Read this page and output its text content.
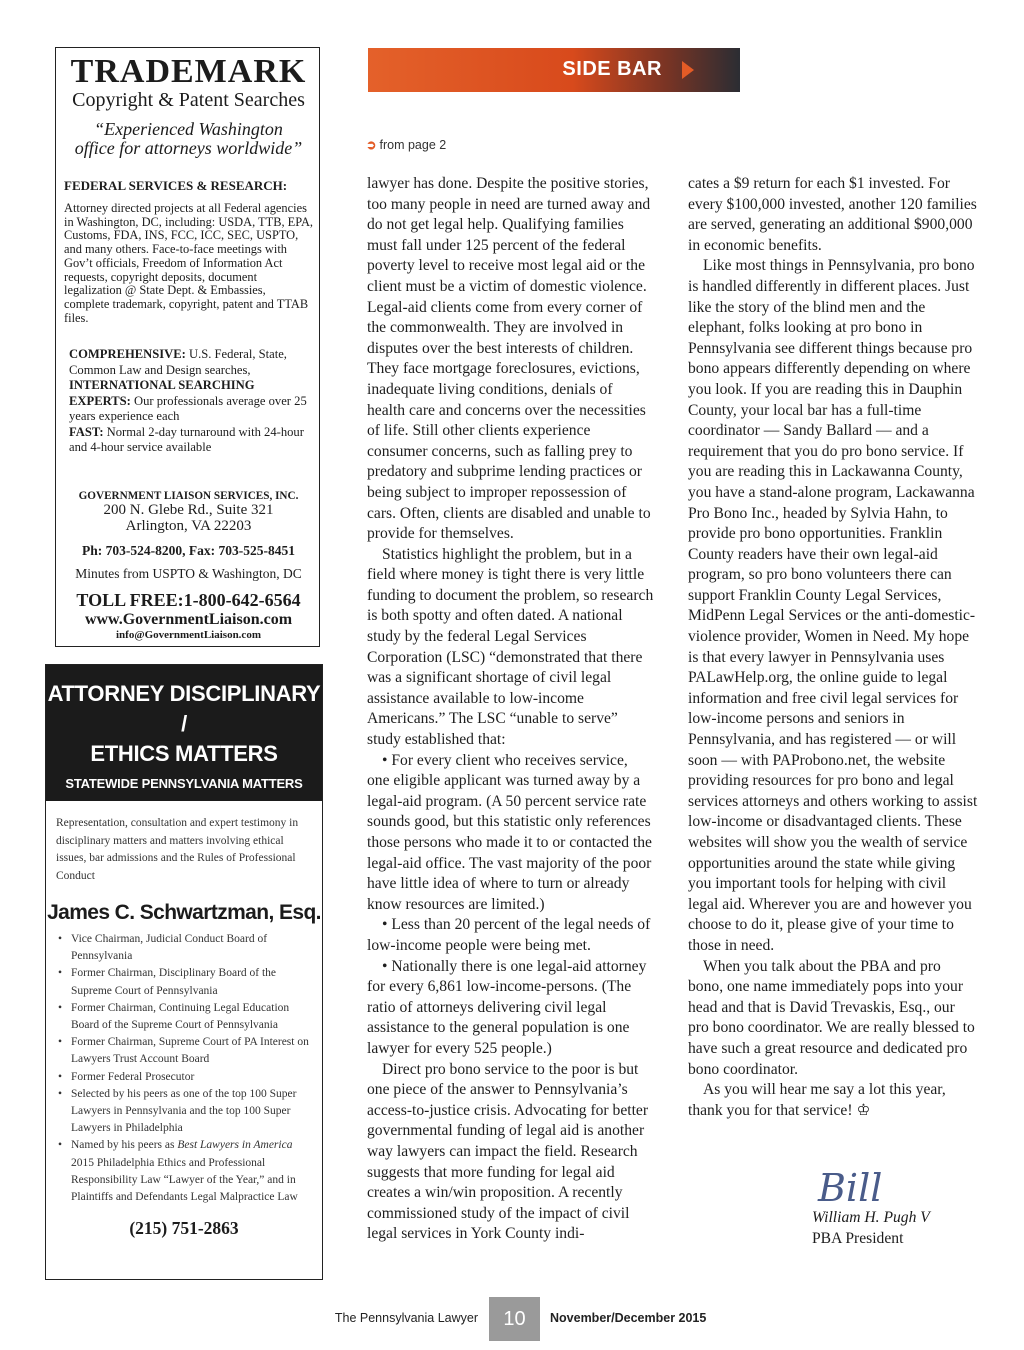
TRADEMARK
Copyright & Patent Searches
“Experienced Washington office for attorneys worldwide”
FEDERAL SERVICES & RESEARCH:
Attorney directed projects at all Federal agencies in Washington, DC, including: USDA, TTB, EPA, Customs, FDA, INS, FCC, ICC, SEC, USPTO, and many others. Face-to-face meetings with Gov’t officials, Freedom of Information Act requests, copyright deposits, document legalization @ State Dept. & Embassies, complete trademark, copyright, patent and TTAB files.
COMPREHENSIVE: U.S. Federal, State, Common Law and Design searches, INTERNATIONAL SEARCHING EXPERTS: Our professionals average over 25 years experience each
FAST: Normal 2-day turnaround with 24-hour and 4-hour service available
GOVERNMENT LIAISON SERVICES, INC.
200 N. Glebe Rd., Suite 321
Arlington, VA 22203
Ph: 703-524-8200, Fax: 703-525-8451
Minutes from USPTO & Washington, DC
TOLL FREE:1-800-642-6564
www.GovernmentLiaison.com
info@GovernmentLiaison.com
ATTORNEY DISCIPLINARY /
ETHICS MATTERS
STATEWIDE PENNSYLVANIA MATTERS
NO CHARGE FOR INITIAL CONSULTATION
Representation, consultation and expert testimony in disciplinary matters and matters involving ethical issues, bar admissions and the Rules of Professional Conduct
James C. Schwartzman, Esq.
• Vice Chairman, Judicial Conduct Board of Pennsylvania
• Former Chairman, Disciplinary Board of the Supreme Court of Pennsylvania
• Former Chairman, Continuing Legal Education Board of the Supreme Court of Pennsylvania
• Former Chairman, Supreme Court of PA Interest on Lawyers Trust Account Board
• Former Federal Prosecutor
• Selected by his peers as one of the top 100 Super Lawyers in Pennsylvania and the top 100 Super Lawyers in Philadelphia
• Named by his peers as Best Lawyers in America 2015 Philadelphia Ethics and Professional Responsibility Law “Lawyer of the Year,” and in Plaintiffs and Defendants Legal Malpractice Law
(215) 751-2863
SIDE BAR
➲ from page 2

lawyer has done. Despite the positive stories, too many people in need are turned away and do not get legal help. Qualifying families must fall under 125 percent of the federal poverty level to receive most legal aid or the client must be a victim of domestic violence. Legal-aid clients come from every corner of the commonwealth. They are involved in disputes over the best interests of children. They face mortgage foreclosures, evictions, inadequate living conditions, denials of health care and concerns over the necessities of life. Still other clients experience consumer concerns, such as falling prey to predatory and subprime lending practices or being subject to improper repossession of cars. Often, clients are disabled and unable to provide for themselves.

Statistics highlight the problem, but in a field where money is tight there is very little funding to document the problem, so research is both spotty and often dated. A national study by the federal Legal Services Corporation (LSC) “demonstrated that there was a significant shortage of civil legal assistance available to low-income Americans.” The LSC “unable to serve” study established that:

• For every client who receives service, one eligible applicant was turned away by a legal-aid program. (A 50 percent service rate sounds good, but this statistic only references those persons who made it to or contacted the legal-aid office. The vast majority of the poor have little idea of where to turn or already know resources are limited.)

• Less than 20 percent of the legal needs of low-income people were being met.

• Nationally there is one legal-aid attorney for every 6,861 low-income-persons. (The ratio of attorneys delivering civil legal assistance to the general population is one lawyer for every 525 people.)

Direct pro bono service to the poor is but one piece of the answer to Pennsylvania’s access-to-justice crisis. Advocating for better governmental funding of legal aid is another way lawyers can impact the field. Research suggests that more funding for legal aid creates a win/win proposition. A recently commissioned study of the impact of civil legal services in York County indi-

cates a $9 return for each $1 invested. For every $100,000 invested, another 120 families are served, generating an additional $900,000 in economic benefits.

Like most things in Pennsylvania, pro bono is handled differently in different places. Just like the story of the blind men and the elephant, folks looking at pro bono in Pennsylvania see different things because pro bono appears differently depending on where you look. If you are reading this in Dauphin County, your local bar has a full-time coordinator — Sandy Ballard — and a requirement that you do pro bono service. If you are reading this in Lackawanna County, you have a stand-alone program, Lackawanna Pro Bono Inc., headed by Sylvia Hahn, to provide pro bono opportunities. Franklin County readers have their own legal-aid program, so pro bono volunteers there can support Franklin County Legal Services, MidPenn Legal Services or the anti-domestic-violence provider, Women in Need. My hope is that every lawyer in Pennsylvania uses PALawHelp.org, the online guide to legal information and free civil legal services for low-income persons and seniors in Pennsylvania, and has registered — or will soon — with PAProbono.net, the website providing resources for pro bono and legal services attorneys and others working to assist low-income or disadvantaged clients. These websites will show you the wealth of service opportunities around the state while giving you important tools for helping with civil legal aid. Wherever you are and however you choose to do it, please give of your time to those in need.

When you talk about the PBA and pro bono, one name immediately pops into your head and that is David Trevaskis, Esq., our pro bono coordinator. We are really blessed to have such a great resource and dedicated pro bono coordinator.

As you will hear me say a lot this year, thank you for that service! ♔

Bill
William H. Pugh V
PBA President
The Pennsylvania Lawyer	10	November/December 2015
